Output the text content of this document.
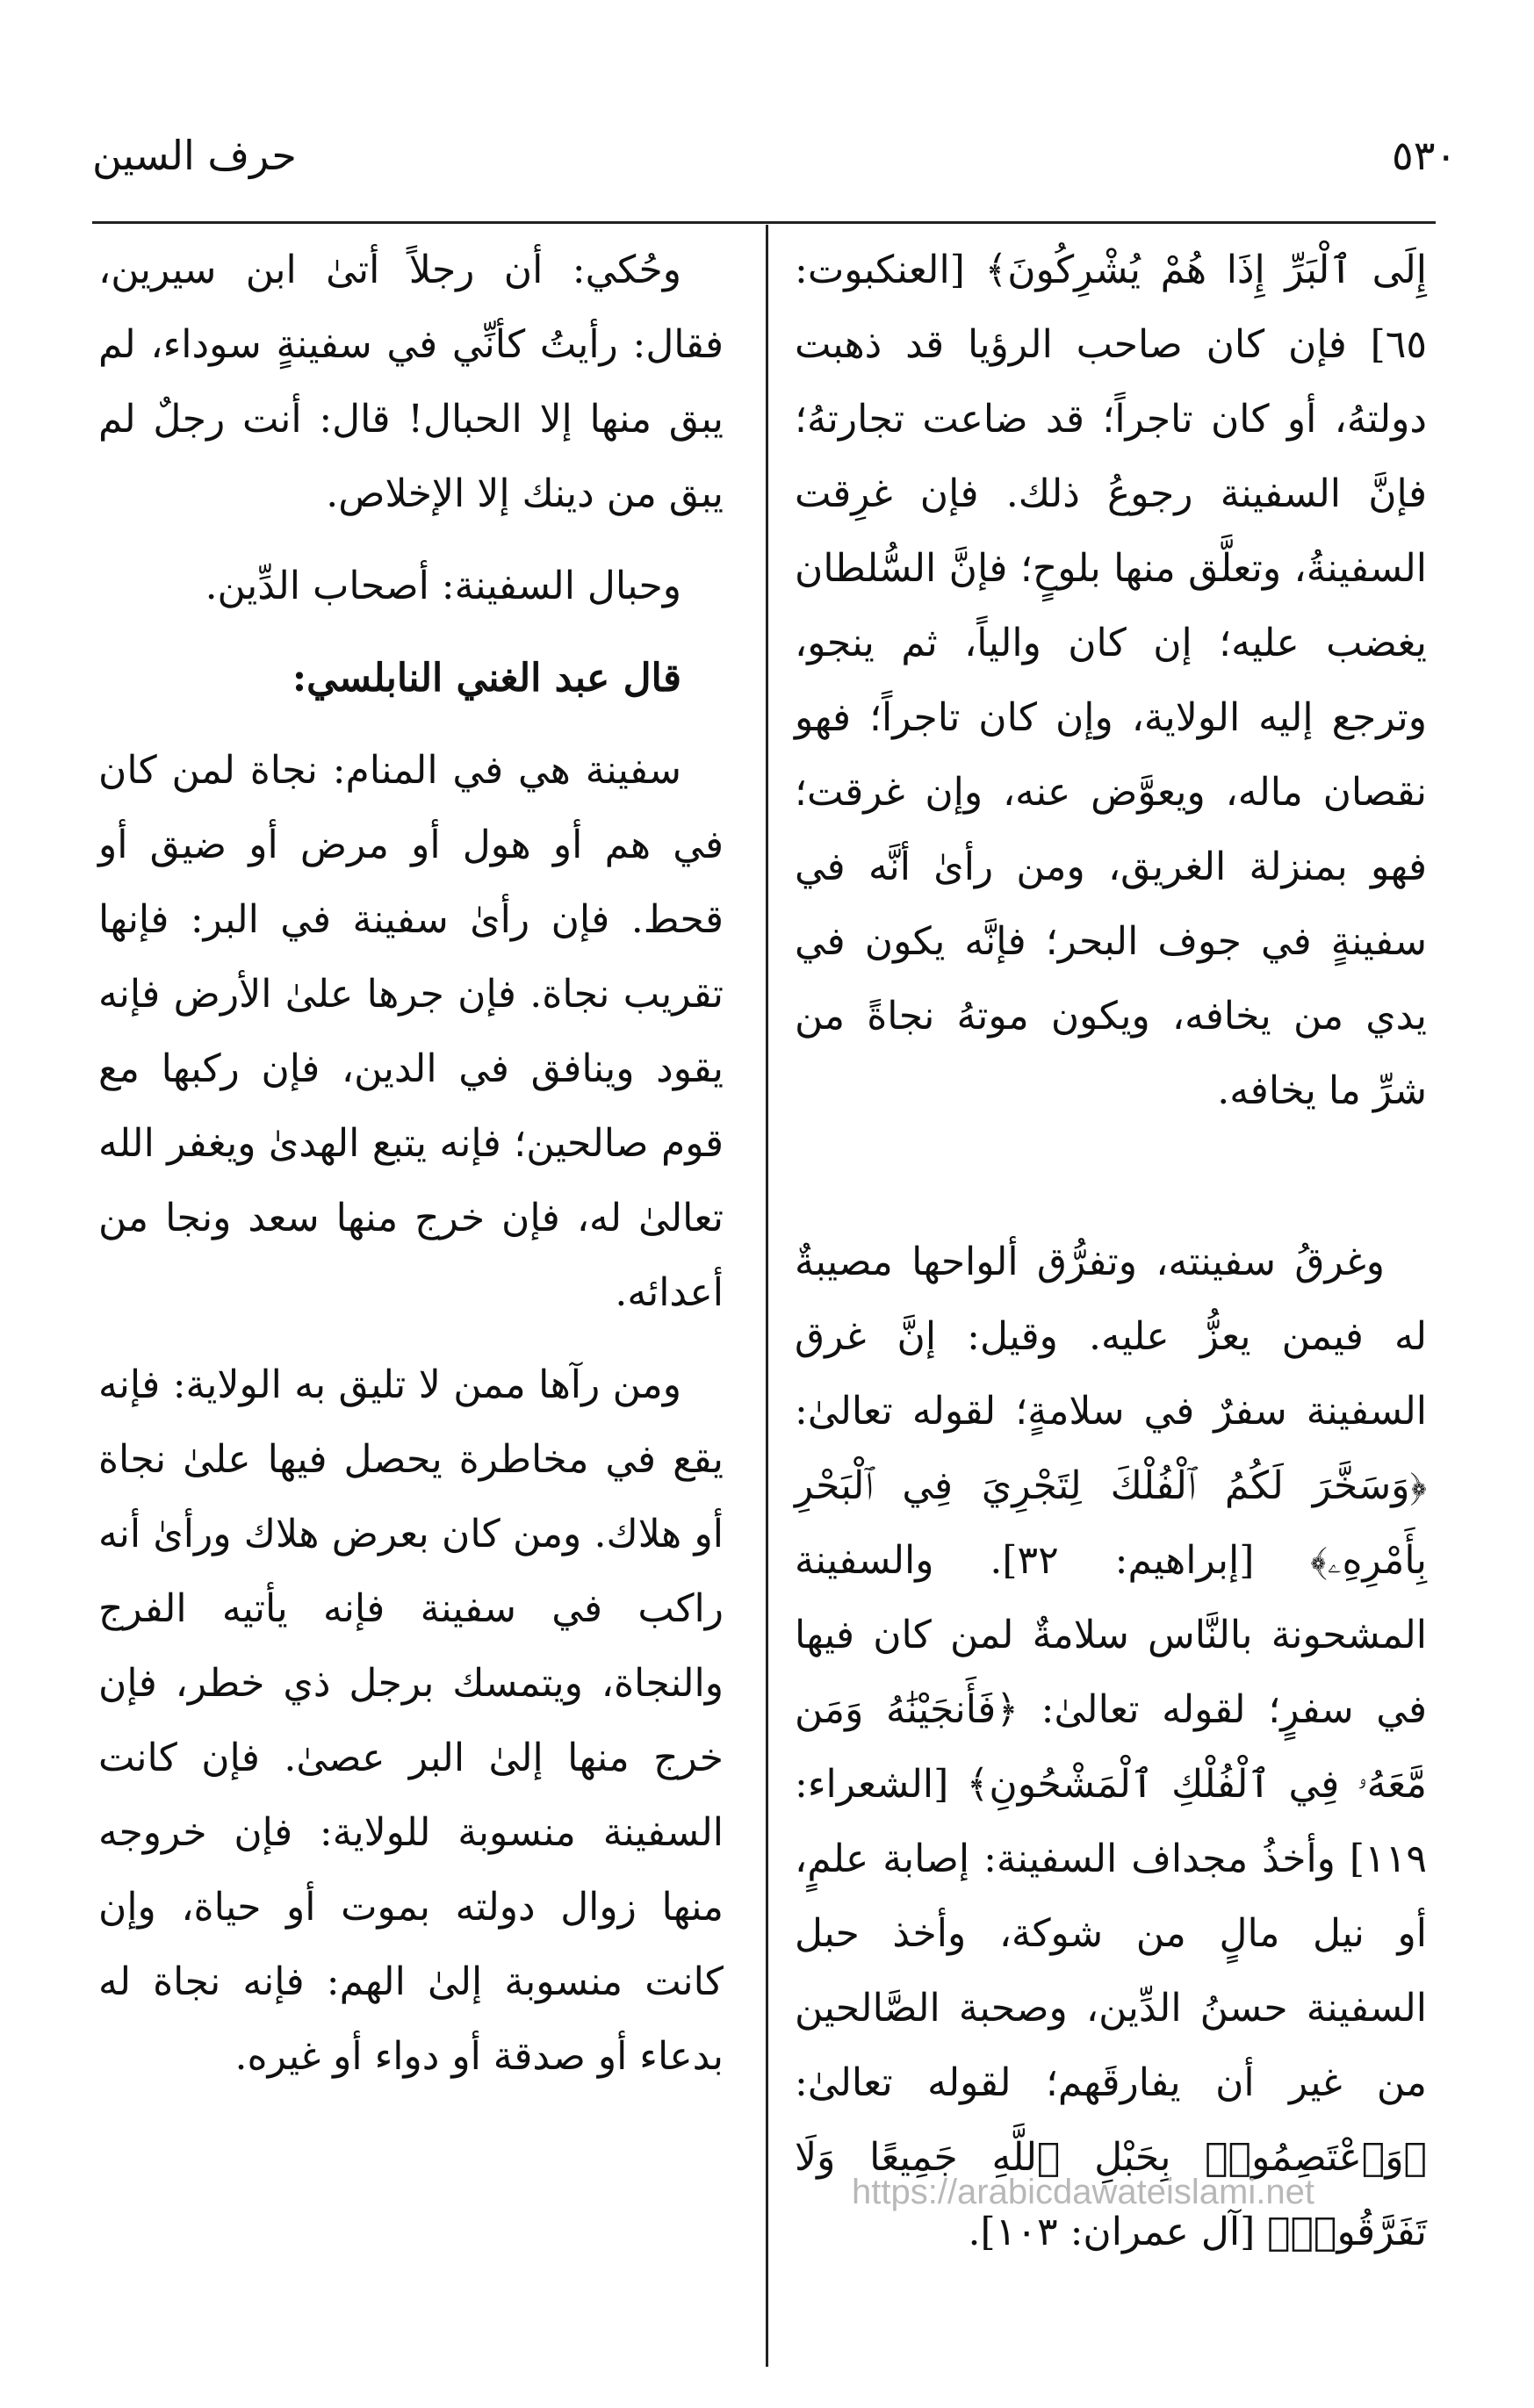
٥٣٠
حرف السين

إِلَى ٱلْبَرِّ إِذَا هُمْ يُشْرِكُونَ﴾ [العنكبوت: ٦٥] فإن كان صاحب الرؤيا قد ذهبت دولتهُ، أو كان تاجراً؛ قد ضاعت تجارتهُ؛ فإنَّ السفينة رجوعُ ذلك. فإن غرِقت السفينةُ، وتعلَّق منها بلوحٍ؛ فإنَّ السُّلطان يغضب عليه؛ إن كان والياً، ثم ينجو، وترجع إليه الولاية، وإن كان تاجراً؛ فهو نقصان ماله، ويعوَّض عنه، وإن غرقت؛ فهو بمنزلة الغريق، ومن رأىٰ أنَّه في سفينةٍ في جوف البحر؛ فإنَّه يكون في يدي من يخافه، ويكون موتهُ نجاةً من شرِّ ما يخافه.

وغرقُ سفينته، وتفرُّق ألواحها مصيبةٌ له فيمن يعزُّ عليه. وقيل: إنَّ غرق السفينة سفرٌ في سلامةٍ؛ لقوله تعالىٰ: ﴿وَسَخَّرَ لَكُمُ ٱلْفُلْكَ لِتَجْرِيَ فِي ٱلْبَحْرِ بِأَمْرِهِۦ﴾ [إبراهيم: ٣٢]. والسفينة المشحونة بالنَّاس سلامةٌ لمن كان فيها في سفرٍ؛ لقوله تعالىٰ: ﴿فَأَنجَيْنَٰهُ وَمَن مَّعَهُۥ فِي ٱلْفُلْكِ ٱلْمَشْحُونِ﴾ [الشعراء: ١١٩] وأخذُ مجداف السفينة: إصابة علمٍ، أو نيل مالٍ من شوكة، وأخذ حبل السفينة حسنُ الدِّين، وصحبة الصَّالحين من غير أن يفارقَهم؛ لقوله تعالىٰ: ﴿وَٱعْتَصِمُوا۟ بِحَبْلِ ٱللَّهِ جَمِيعًا وَلَا تَفَرَّقُوا۟﴾ [آل عمران: ١٠٣].

وحُكي: أن رجلاً أتىٰ ابن سيرين، فقال: رأيتُ كأنِّي في سفينةٍ سوداء، لم يبق منها إلا الحبال! قال: أنت رجلٌ لم يبق من دينك إلا الإخلاص.

وحبال السفينة: أصحاب الدِّين.

قال عبد الغني النابلسي:

سفينة هي في المنام: نجاة لمن كان في هم أو هول أو مرض أو ضيق أو قحط. فإن رأىٰ سفينة في البر: فإنها تقريب نجاة. فإن جرها علىٰ الأرض فإنه يقود وينافق في الدين، فإن ركبها مع قوم صالحين؛ فإنه يتبع الهدىٰ ويغفر الله تعالىٰ له، فإن خرج منها سعد ونجا من أعدائه.

ومن رآها ممن لا تليق به الولاية: فإنه يقع في مخاطرة يحصل فيها علىٰ نجاة أو هلاك. ومن كان بعرض هلاك ورأىٰ أنه راكب في سفينة فإنه يأتيه الفرج والنجاة، ويتمسك برجل ذي خطر، فإن خرج منها إلىٰ البر عصىٰ. فإن كانت السفينة منسوبة للولاية: فإن خروجه منها زوال دولته بموت أو حياة، وإن كانت منسوبة إلىٰ الهم: فإنه نجاة له بدعاء أو صدقة أو دواء أو غيره.

https://arabicdawateislami.net
